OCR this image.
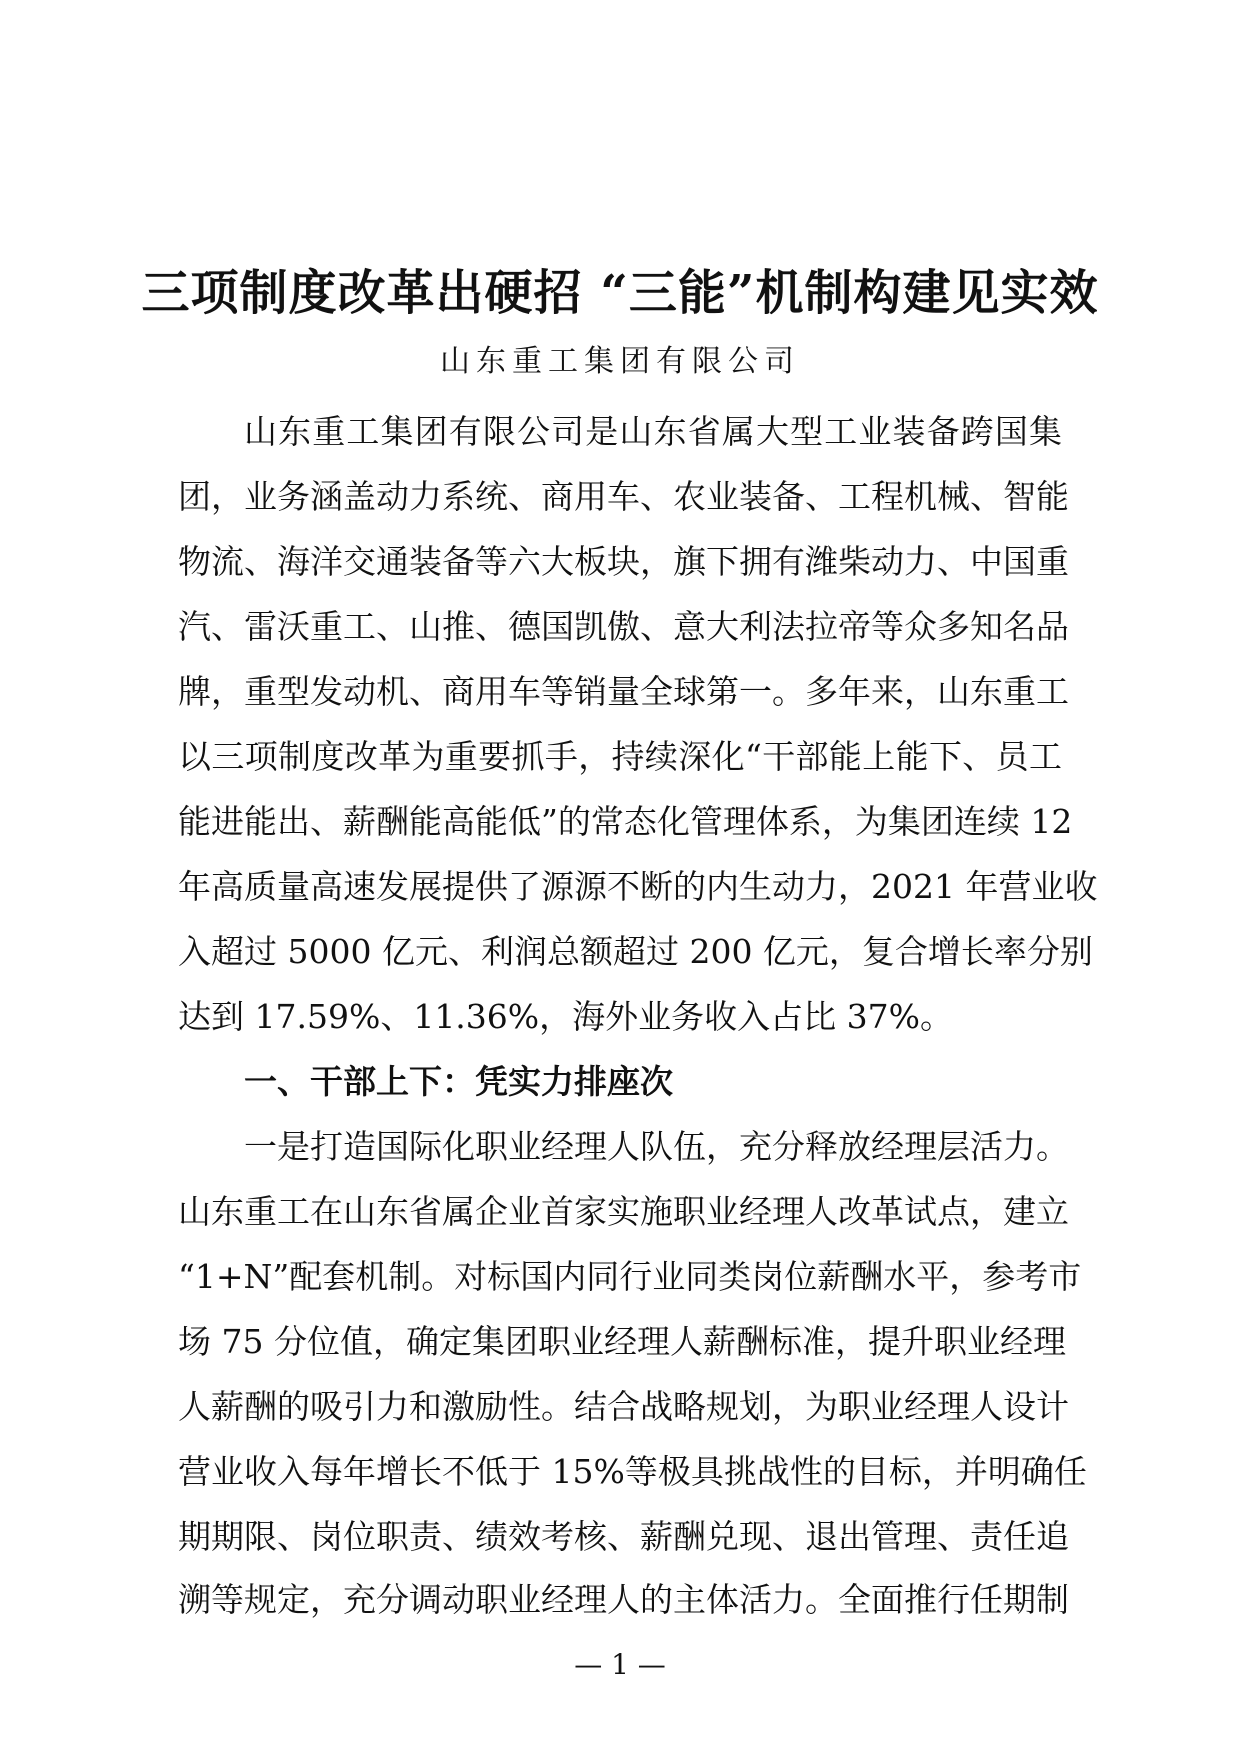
三项制度改革出硬招 “三能”机制构建见实效
山东重工集团有限公司
山东重工集团有限公司是山东省属大型工业装备跨国集
团，业务涵盖动力系统、商用车、农业装备、工程机械、智能
物流、海洋交通装备等六大板块，旗下拥有潍柴动力、中国重
汽、雷沃重工、山推、德国凯傲、意大利法拉帝等众多知名品
牌，重型发动机、商用车等销量全球第一。多年来，山东重工
以三项制度改革为重要抓手，持续深化“干部能上能下、员工
能进能出、薪酬能高能低”的常态化管理体系，为集团连续 12
年高质量高速发展提供了源源不断的内生动力，2021 年营业收
入超过 5000 亿元、利润总额超过 200 亿元，复合增长率分别
达到 17.59%、11.36%，海外业务收入占比 37%。
一、干部上下：凭实力排座次
一是打造国际化职业经理人队伍，充分释放经理层活力。
山东重工在山东省属企业首家实施职业经理人改革试点，建立
“1+N”配套机制。对标国内同行业同类岗位薪酬水平，参考市
场 75 分位值，确定集团职业经理人薪酬标准，提升职业经理
人薪酬的吸引力和激励性。结合战略规划，为职业经理人设计
营业收入每年增长不低于 15%等极具挑战性的目标，并明确任
期期限、岗位职责、绩效考核、薪酬兑现、退出管理、责任追
溯等规定，充分调动职业经理人的主体活力。全面推行任期制
— 1 —
